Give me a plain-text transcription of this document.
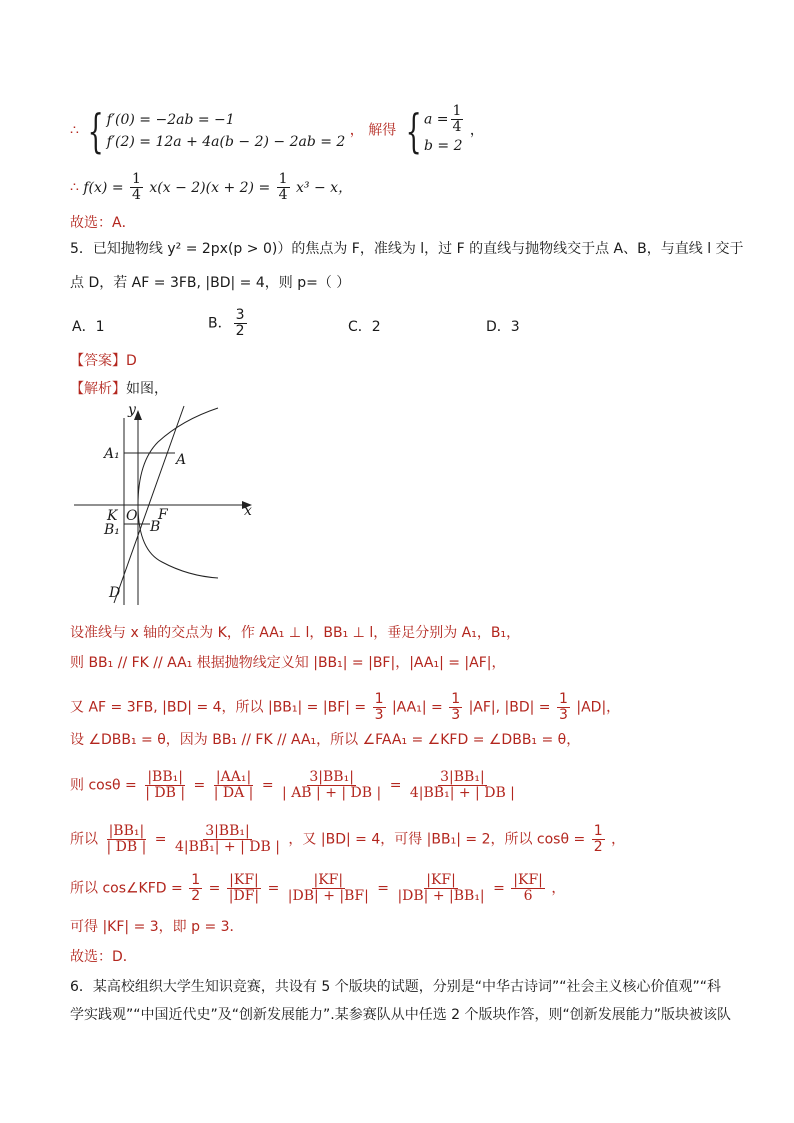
∴ { f′(0) = −2ab = −1
f′(2) = 12a + 4a(b − 2) − 2ab = 2
， 解得 { $a = \frac{1}{4}$
b = 2
，
∴ $f(x) = \frac{1}{4} x(x - 2)(x + 2) = \frac{1}{4} x^3 - x$，
故选：A．
5．已知抛物线 y² = 2px(p > 0)）的焦点为 F，准线为 l，过 F 的直线与抛物线交于点 A、B，与直线 l 交于
点 D，若 AF = 3FB, |BD| = 4，则 p=（ ）
A．1	B． $\frac{3}{2}$	C．2	D．3
【答案】D
【解析】如图，
y
x
A₁	A
K O F
B₁ B
D
设准线与 x 轴的交点为 K，作 AA₁ ⊥ l，BB₁ ⊥ l，垂足分别为 A₁，B₁，
则 BB₁ // FK // AA₁ 根据抛物线定义知 |BB₁| = |BF|，|AA₁| = |AF|，
又 AF = 3FB, |BD| = 4，所以 $|BB_1| = |BF| = \frac{1}{3} |AA_1| = \frac{1}{3} |AF|$, $|BD| = \frac{1}{3} |AD|$，
设 ∠DBB₁ = θ，因为 BB₁ // FK // AA₁，所以 ∠FAA₁ = ∠KFD = ∠DBB₁ = θ，
则 $\cos\theta = \frac{\text{|BB₁|}}{| DB |} = \frac{\text{|AA₁|}}{| DA |} = \frac{\text{3|BB₁|}}{| AB | + | DB |} = \frac{\text{3|BB₁|}}{\text{4|BB₁| + | DB |}}$
所以 $\frac{\text{|BB₁|}}{| DB |} = \frac{\text{3|BB₁|}}{\text{4|BB₁| + | DB |}}$ ，又 |BD| = 4，可得 |BB₁| = 2，所以 $\cos\theta = \frac{1}{2}$ ，
所以 cos∠KFD = $\frac{1}{2} = \frac{|KF|}{|DF|} = \frac{|KF|}{|DB| + |BF|} = \frac{|KF|}{\text{|DB| + |BB₁|}} = \frac{|KF|}{6}$ ，
可得 |KF| = 3，即 p = 3．
故选：D．
6．某高校组织大学生知识竞赛，共设有 5 个版块的试题，分别是“中华古诗词”“社会主义核心价值观”“科
学实践观”“中国近代史”及“创新发展能力”.某参赛队从中任选 2 个版块作答，则“创新发展能力”版块被该队
